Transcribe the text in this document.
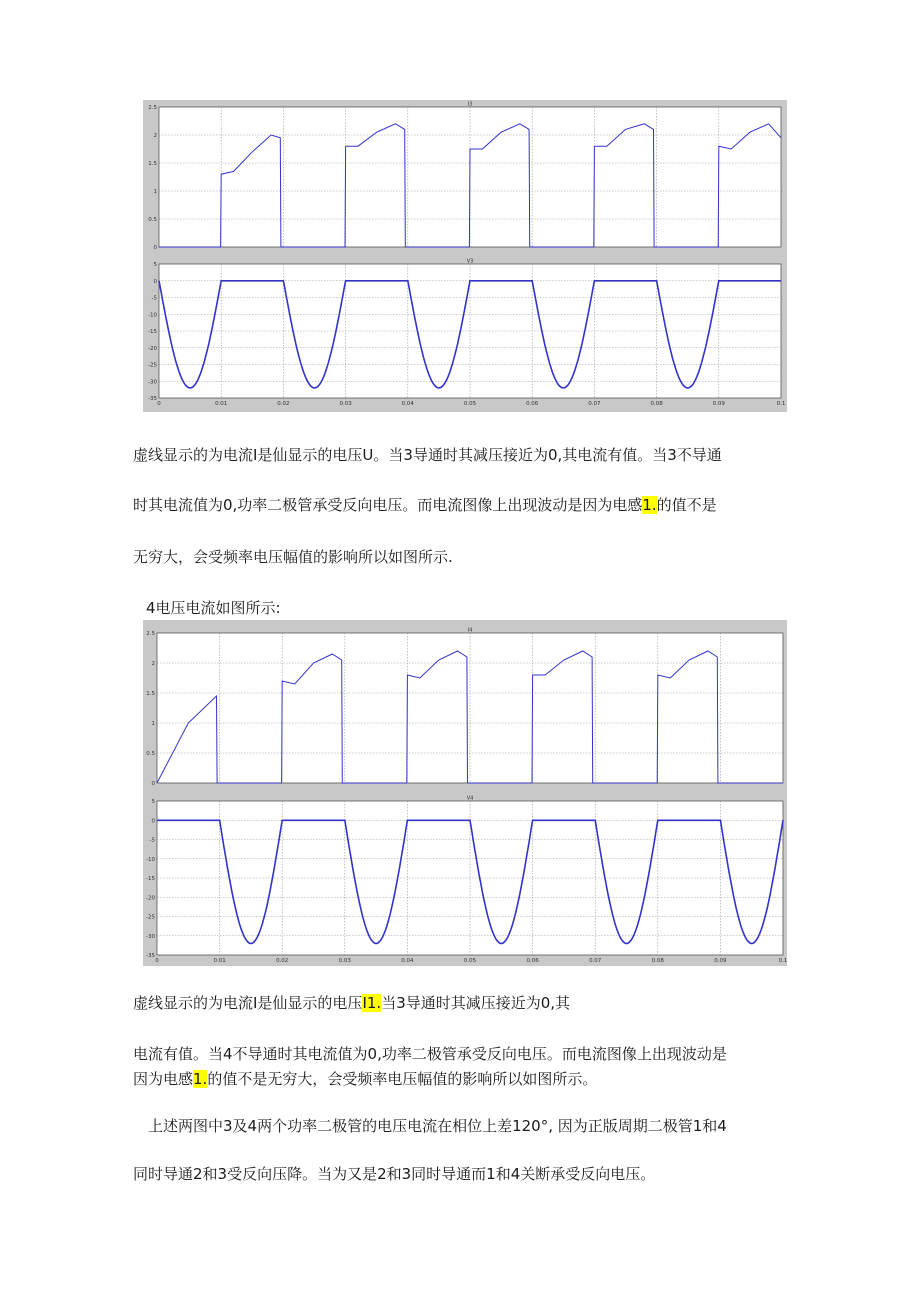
I3
2.5
2
1.5
1
0.5
0
V3
5
0
-5
-10
-15
-20
-25
-30
-35
0	0.01	0.02	0.03	0.04	0.05	0.06	0.07	0.08	0.09	0.1

虚线显示的为电流I是仙显示的电压U。当3导通时其减压接近为0,其电流有值。当3不导通

时其电流值为0,功率二极管承受反向电压。而电流图像上出现波动是因为电感1.的值不是

无穷大，会受频率电压幅值的影响所以如图所示.

4电压电流如图所示:

I4
2.5
2
1.5
1
0.5
0
V4
5
0
-5
-10
-15
-20
-25
-30
-35
0	0.01	0.02	0.03	0.04	0.05	0.06	0.07	0.08	0.09	0.1

虚线显示的为电流I是仙显示的电压I1.当3导通时其减压接近为0,其

电流有值。当4不导通时其电流值为0,功率二极管承受反向电压。而电流图像上出现波动是

因为电感1.的值不是无穷大，会受频率电压幅值的影响所以如图所示。

上述两图中3及4两个功率二极管的电压电流在相位上差120°, 因为正版周期二极管1和4

同时导通2和3受反向压降。当为又是2和3同时导通而1和4关断承受反向电压。
